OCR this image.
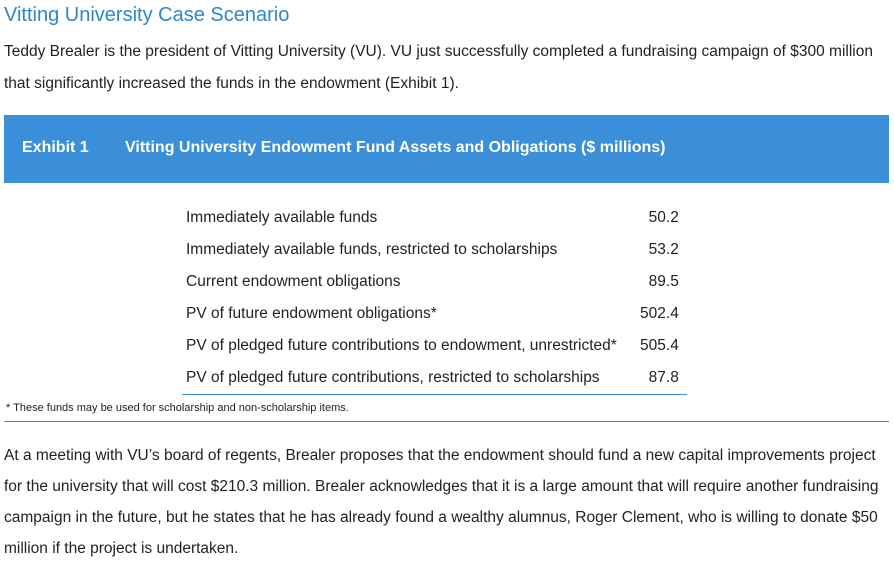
Vitting University Case Scenario
Teddy Brealer is the president of Vitting University (VU). VU just successfully completed a fundraising campaign of $300 million that significantly increased the funds in the endowment (Exhibit 1).
Exhibit 1 Vitting University Endowment Fund Assets and Obligations ($ millions)
Immediately available funds	50.2
Immediately available funds, restricted to scholarships	53.2
Current endowment obligations	89.5
PV of future endowment obligations*	502.4
PV of pledged future contributions to endowment, unrestricted*	505.4
PV of pledged future contributions, restricted to scholarships	87.8
* These funds may be used for scholarship and non-scholarship items.
At a meeting with VU’s board of regents, Brealer proposes that the endowment should fund a new capital improvements project for the university that will cost $210.3 million. Brealer acknowledges that it is a large amount that will require another fundraising campaign in the future, but he states that he has already found a wealthy alumnus, Roger Clement, who is willing to donate $50 million if the project is undertaken.
